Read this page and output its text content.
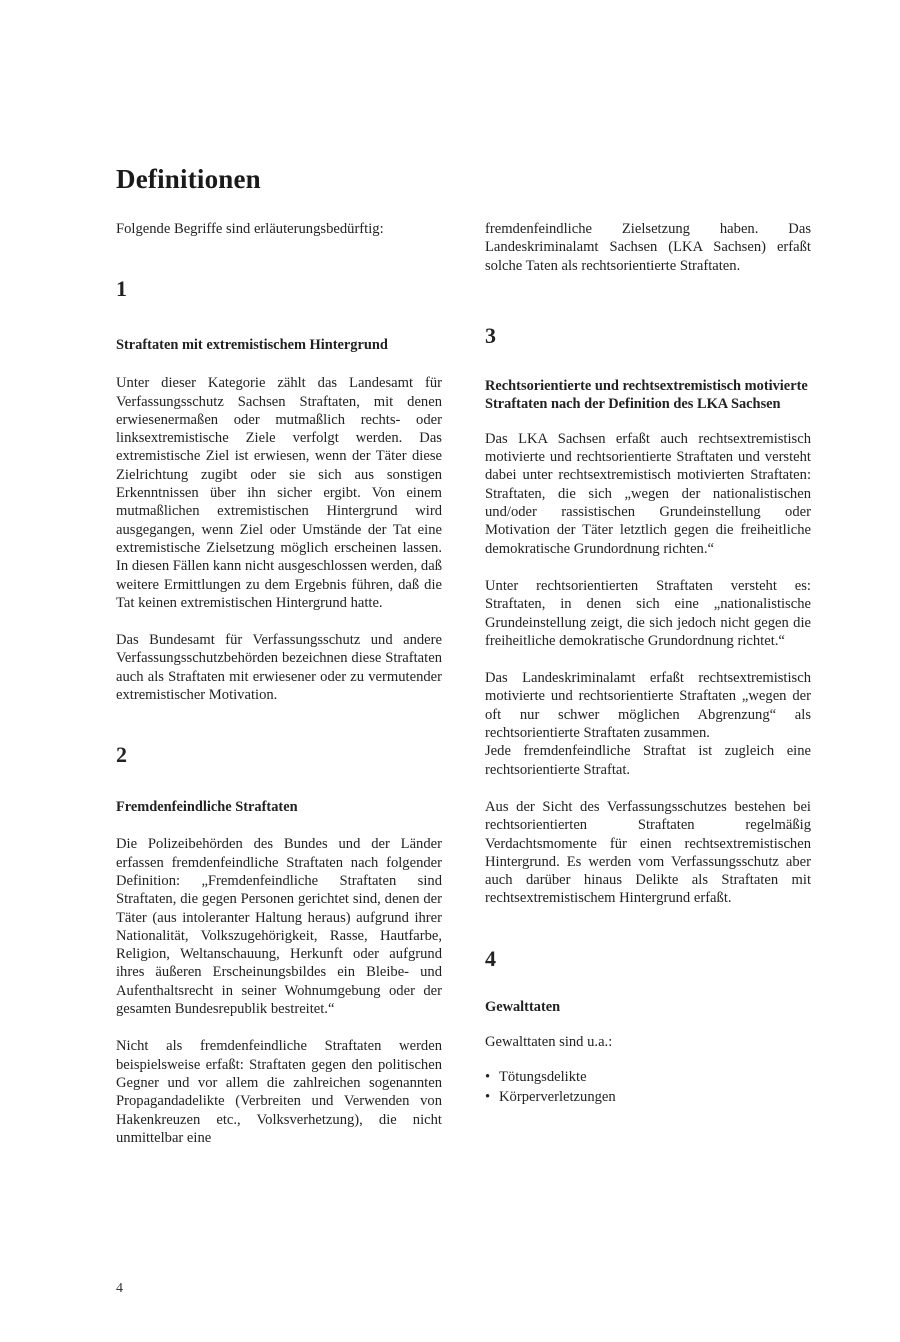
Definitionen

Folgende Begriffe sind erläuterungsbedürftig:

1
Straftaten mit extremistischem Hintergrund

Unter dieser Kategorie zählt das Landesamt für Verfassungsschutz Sachsen Straftaten, mit denen erwiesenermaßen oder mutmaßlich rechts- oder linksextremistische Ziele verfolgt werden. Das extremistische Ziel ist erwiesen, wenn der Täter diese Zielrichtung zugibt oder sie sich aus sonstigen Erkenntnissen über ihn sicher ergibt. Von einem mutmaßlichen extremistischen Hintergrund wird ausgegangen, wenn Ziel oder Umstände der Tat eine extremistische Zielsetzung möglich erscheinen lassen. In diesen Fällen kann nicht ausgeschlossen werden, daß weitere Ermittlungen zu dem Ergebnis führen, daß die Tat keinen extremistischen Hintergrund hatte.

Das Bundesamt für Verfassungsschutz und andere Verfassungsschutzbehörden bezeichnen diese Straftaten auch als Straftaten mit erwiesener oder zu vermutender extremistischer Motivation.

2
Fremdenfeindliche Straftaten

Die Polizeibehörden des Bundes und der Länder erfassen fremdenfeindliche Straftaten nach folgender Definition: „Fremdenfeindliche Straftaten sind Straftaten, die gegen Personen gerichtet sind, denen der Täter (aus intoleranter Haltung heraus) aufgrund ihrer Nationalität, Volkszugehörigkeit, Rasse, Hautfarbe, Religion, Weltanschauung, Herkunft oder aufgrund ihres äußeren Erscheinungsbildes ein Bleibe- und Aufenthaltsrecht in seiner Wohnumgebung oder der gesamten Bundesrepublik bestreitet.“

Nicht als fremdenfeindliche Straftaten werden beispielsweise erfaßt: Straftaten gegen den politischen Gegner und vor allem die zahlreichen sogenannten Propagandadelikte (Verbreiten und Verwenden von Hakenkreuzen etc., Volksverhetzung), die nicht unmittelbar eine

fremdenfeindliche Zielsetzung haben. Das Landeskriminalamt Sachsen (LKA Sachsen) erfaßt solche Taten als rechtsorientierte Straftaten.

3
Rechtsorientierte und rechtsextremistisch motivierte Straftaten nach der Definition des LKA Sachsen

Das LKA Sachsen erfaßt auch rechtsextremistisch motivierte und rechtsorientierte Straftaten und versteht dabei unter rechtsextremistisch motivierten Straftaten: Straftaten, die sich „wegen der nationalistischen und/oder rassistischen Grundeinstellung oder Motivation der Täter letztlich gegen die freiheitliche demokratische Grundordnung richten.“

Unter rechtsorientierten Straftaten versteht es: Straftaten, in denen sich eine „nationalistische Grundeinstellung zeigt, die sich jedoch nicht gegen die freiheitliche demokratische Grundordnung richtet.“

Das Landeskriminalamt erfaßt rechtsextremistisch motivierte und rechtsorientierte Straftaten „wegen der oft nur schwer möglichen Abgrenzung“ als rechtsorientierte Straftaten zusammen.

Jede fremdenfeindliche Straftat ist zugleich eine rechtsorientierte Straftat.

Aus der Sicht des Verfassungsschutzes bestehen bei rechtsorientierten Straftaten regelmäßig Verdachtsmomente für einen rechtsextremistischen Hintergrund. Es werden vom Verfassungsschutz aber auch darüber hinaus Delikte als Straftaten mit rechtsextremistischem Hintergrund erfaßt.

4
Gewalttaten

Gewalttaten sind u.a.:

• Tötungsdelikte
• Körperverletzungen
4
